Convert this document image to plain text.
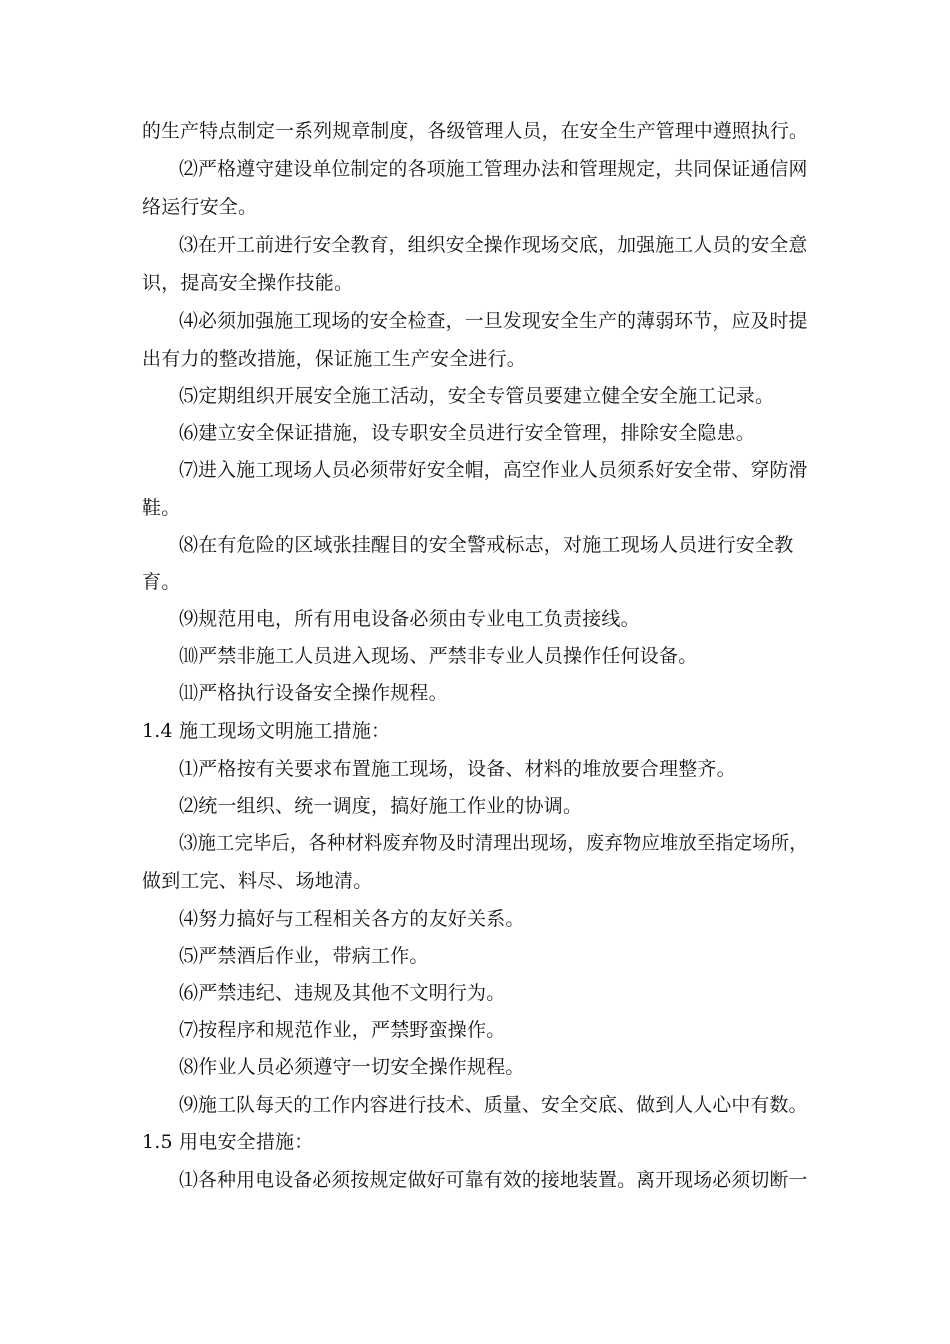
的生产特点制定一系列规章制度，各级管理人员，在安全生产管理中遵照执行。
⑵严格遵守建设单位制定的各项施工管理办法和管理规定，共同保证通信网
络运行安全。
⑶在开工前进行安全教育，组织安全操作现场交底，加强施工人员的安全意
识，提高安全操作技能。
⑷必须加强施工现场的安全检查，一旦发现安全生产的薄弱环节，应及时提
出有力的整改措施，保证施工生产安全进行。
⑸定期组织开展安全施工活动，安全专管员要建立健全安全施工记录。
⑹建立安全保证措施，设专职安全员进行安全管理，排除安全隐患。
⑺进入施工现场人员必须带好安全帽，高空作业人员须系好安全带、穿防滑
鞋。
⑻在有危险的区域张挂醒目的安全警戒标志，对施工现场人员进行安全教
育。
⑼规范用电，所有用电设备必须由专业电工负责接线。
⑽严禁非施工人员进入现场、严禁非专业人员操作任何设备。
⑾严格执行设备安全操作规程。
1.4 施工现场文明施工措施：
⑴严格按有关要求布置施工现场，设备、材料的堆放要合理整齐。
⑵统一组织、统一调度，搞好施工作业的协调。
⑶施工完毕后，各种材料废弃物及时清理出现场，废弃物应堆放至指定场所，
做到工完、料尽、场地清。
⑷努力搞好与工程相关各方的友好关系。
⑸严禁酒后作业，带病工作。
⑹严禁违纪、违规及其他不文明行为。
⑺按程序和规范作业，严禁野蛮操作。
⑻作业人员必须遵守一切安全操作规程。
⑼施工队每天的工作内容进行技术、质量、安全交底、做到人人心中有数。
1.5 用电安全措施：
⑴各种用电设备必须按规定做好可靠有效的接地装置。离开现场必须切断一
